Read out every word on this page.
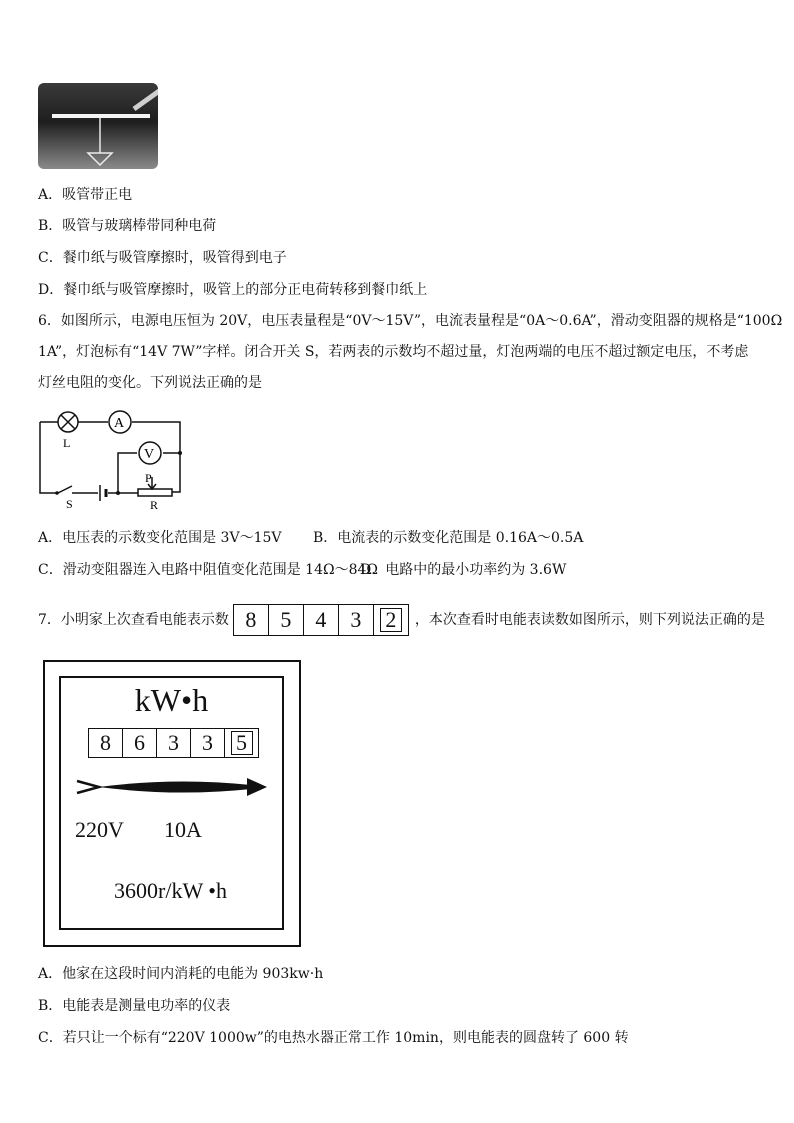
A．吸管带正电
B．吸管与玻璃棒带同种电荷
C．餐巾纸与吸管摩擦时，吸管得到电子
D．餐巾纸与吸管摩擦时，吸管上的部分正电荷转移到餐巾纸上
6．如图所示，电源电压恒为 20V，电压表量程是“0V～15V”，电流表量程是“0A～0.6A”，滑动变阻器的规格是“100Ω
1A”，灯泡标有“14V 7W”字样。闭合开关 S，若两表的示数均不超过量，灯泡两端的电压不超过额定电压，不考虑
灯丝电阻的变化。下列说法正确的是
L
A
V
S
P
R
A．电压表的示数变化范围是 3V～15V B．电流表的示数变化范围是 0.16A～0.5A
C．滑动变阻器连入电路中阻值变化范围是 14Ω～84Ω
D．电路中的最小功率约为 3.6W
7．小明家上次查看电能表示数 8	5	4	3	2	，本次查看时电能表读数如图所示，则下列说法正确的是
kW•h
8	6	3	3	5
220V 10A
3600r/kW •h
A．他家在这段时间内消耗的电能为 903kw·h
B．电能表是测量电功率的仪表
C．若只让一个标有“220V 1000w”的电热水器正常工作 10min，则电能表的圆盘转了 600 转
